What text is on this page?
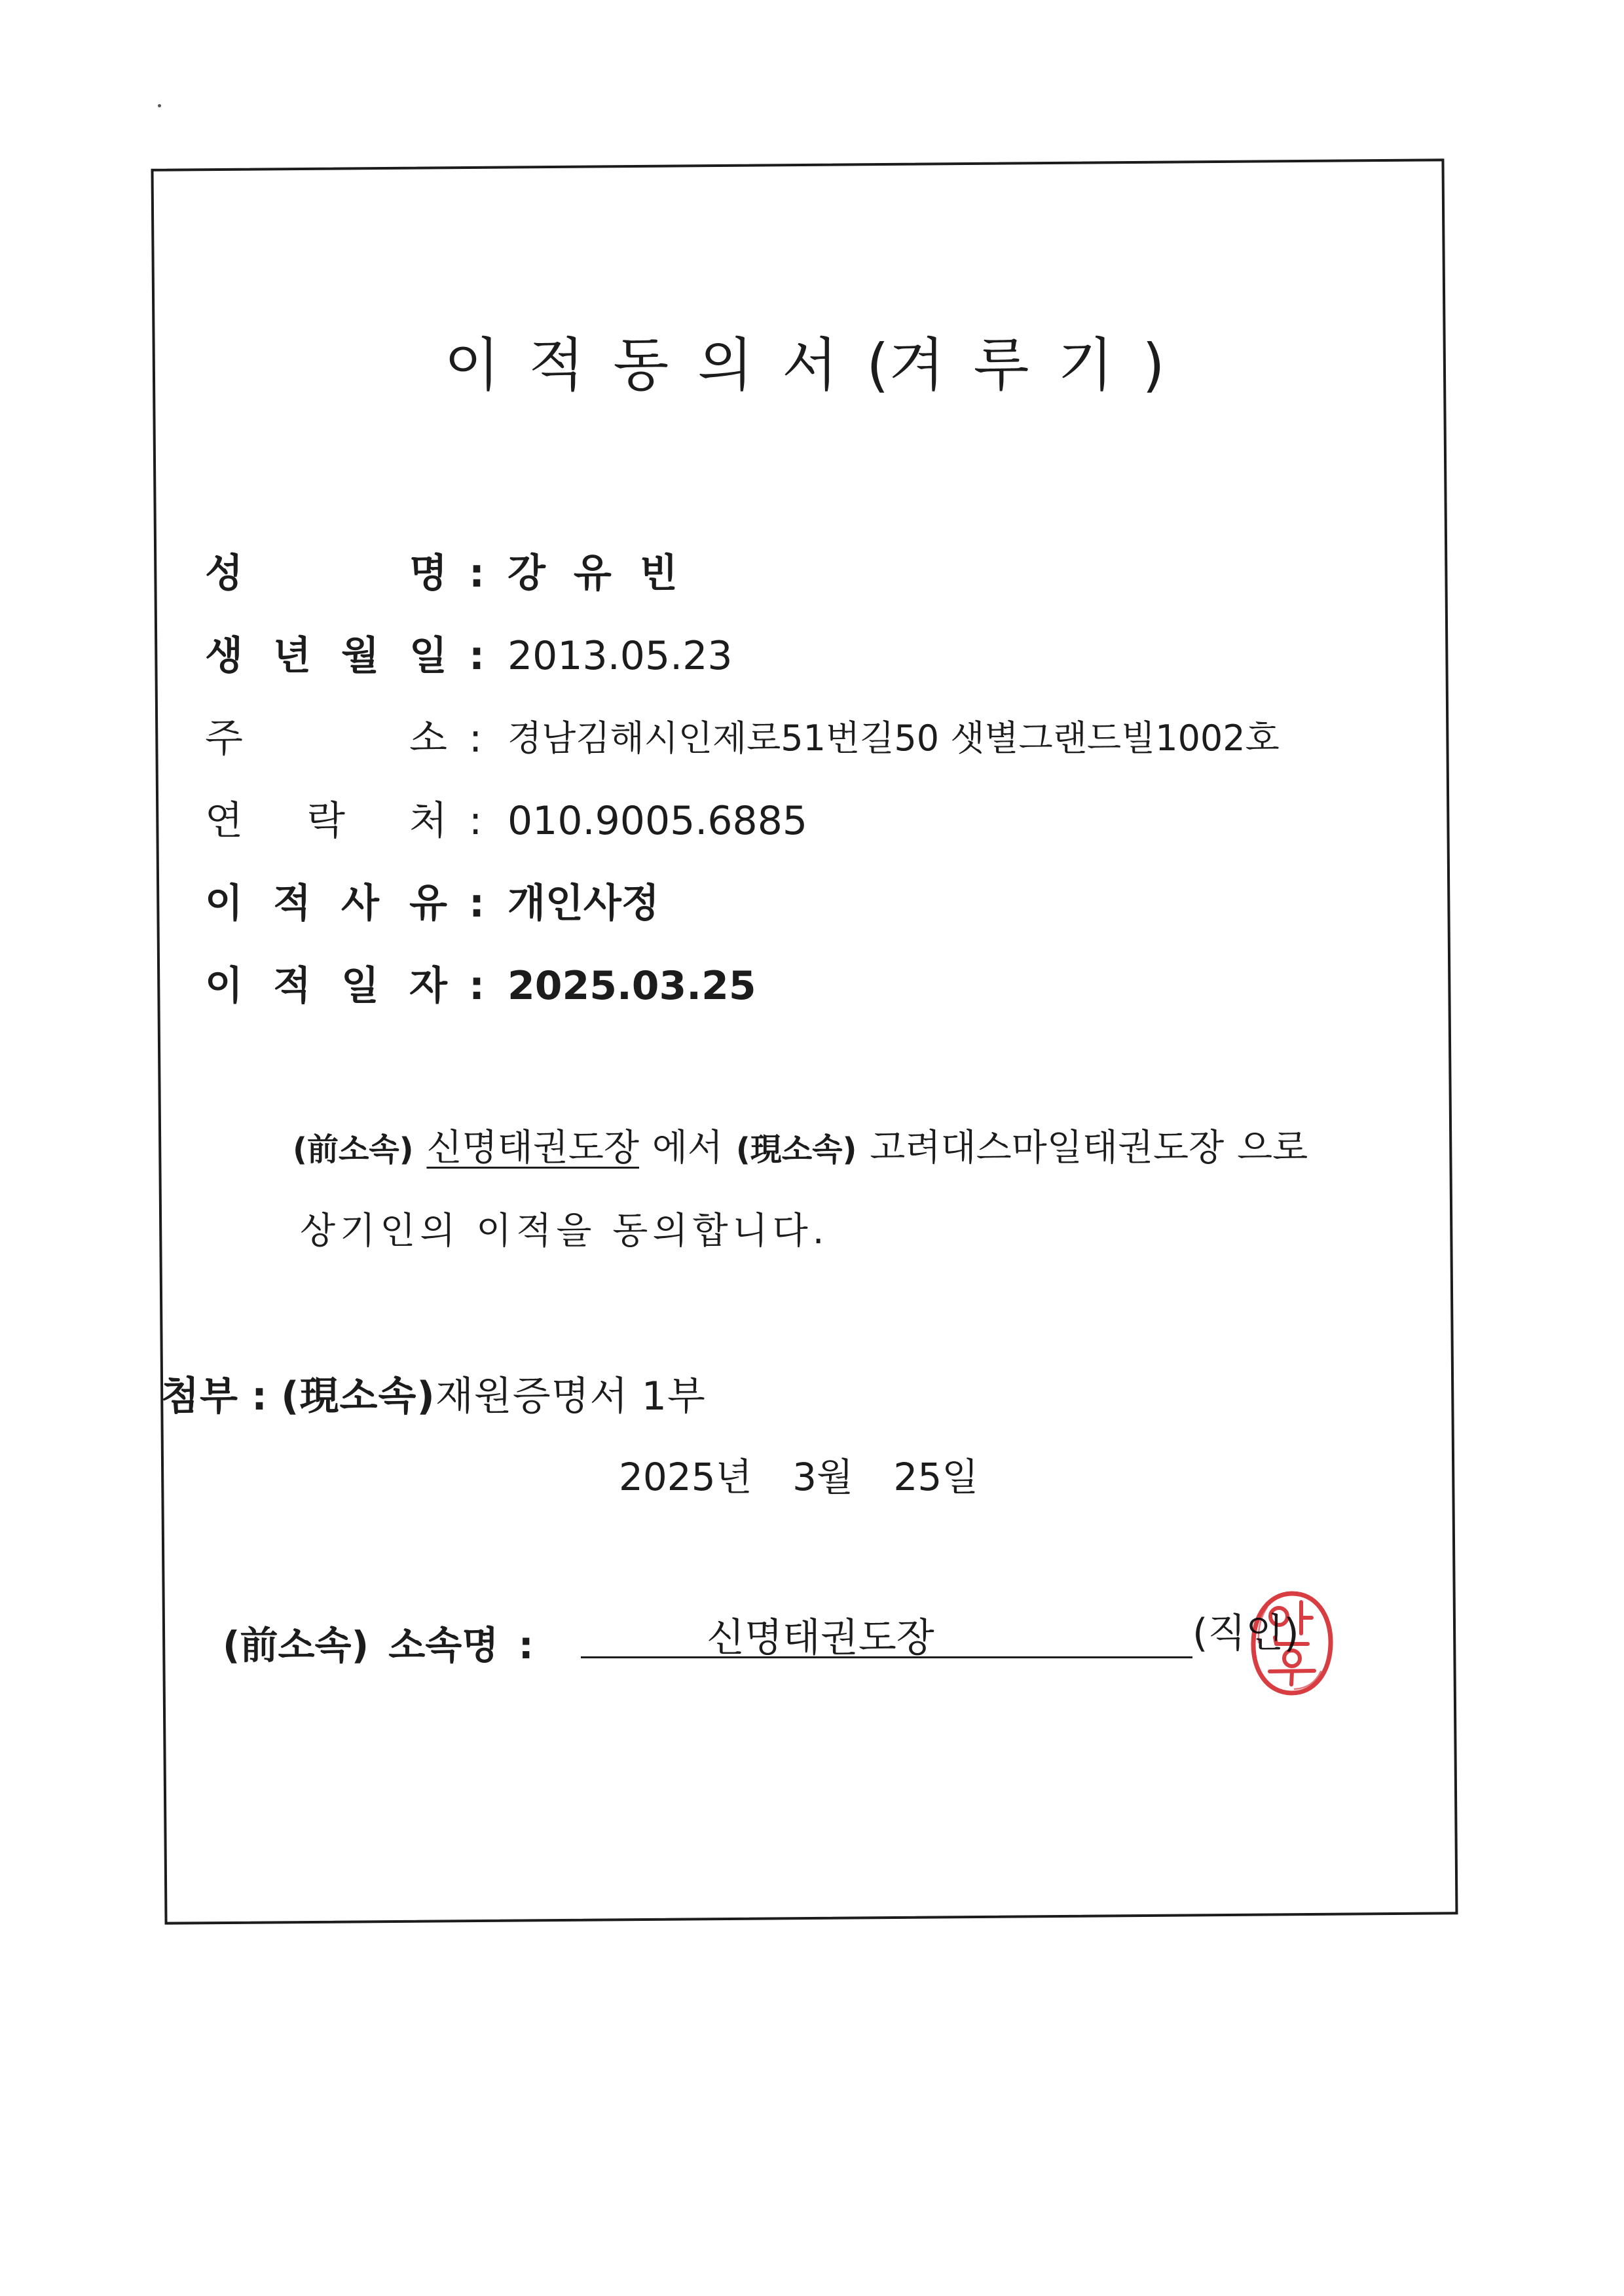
이 적 동 의 서 (겨 루 기 )
성 명 : 강 유 빈
생 년 월 일 : 2013.05.23
주 소 : 경남김해시인제로51번길50 샛별그랜드빌1002호
연 락 처 : 010.9005.6885
이 적 사 유 : 개인사정
이 적 일 자 : 2025.03.25
(前소속) 신명태권도장 에서 (現소속) 고려대스마일태권도장 으로
상기인의 이적을 동의합니다.
첨부 : (現소속)재원증명서 1부
2025년 3월 25일
(前소속) 소속명 :	신명태권도장	(직인)
